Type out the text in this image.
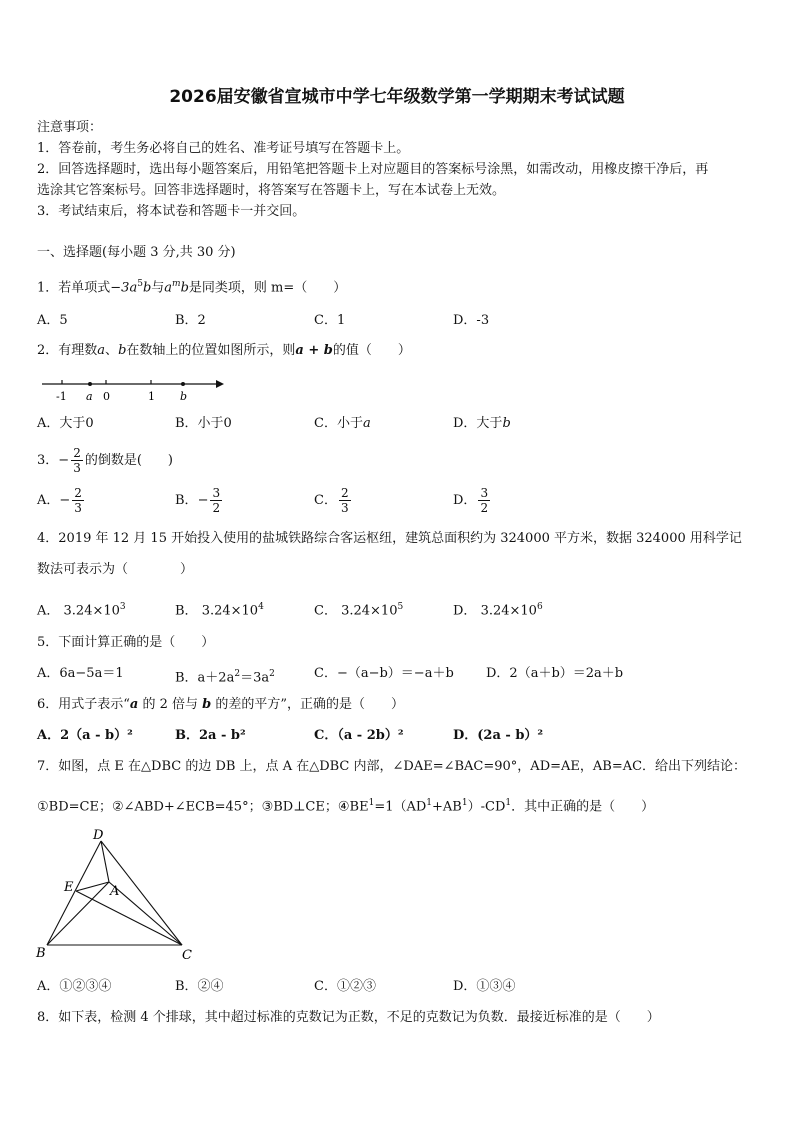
2026届安徽省宣城市中学七年级数学第一学期期末考试试题
注意事项：
1．答卷前，考生务必将自己的姓名、准考证号填写在答题卡上。
2．回答选择题时，选出每小题答案后，用铅笔把答题卡上对应题目的答案标号涂黑，如需改动，用橡皮擦干净后，再
选涂其它答案标号。回答非选择题时，将答案写在答题卡上，写在本试卷上无效。
3．考试结束后，将本试卷和答题卡一并交回。
一、选择题(每小题 3 分,共 30 分)
1．若单项式$-3a^5b$与$a^mb$是同类项，则 m=（　　）
A．5	B．2	C．1	D．-3
2．有理数a、b在数轴上的位置如图所示，则a + b的值（　　）
-1 a 0	1 b
A．大于0	B．小于0	C．小于a	D．大于b
3．− $\frac{2}{3}$ 的倒数是(　　)
A．− $\frac{2}{3}$	B．− $\frac{3}{2}$	C． $\frac{2}{3}$	D． $\frac{3}{2}$
4．2019 年 12 月 15 开始投入使用的盐城铁路综合客运枢纽，建筑总面积约为 324000 平方米，数据 324000 用科学记
数法可表示为（　　　　）
A． $3.24\times 10^3$	B． $3.24\times 10^4$	C． $3.24\times 10^5$	D． $3.24\times 10^6$
5．下面计算正确的是（　　）
A．6a−5a＝1	B．$a+2a^2=3a^2$	C．−（a−b）＝−a＋b D．2（a＋b）＝2a＋b
6．用式子表示“a 的 2 倍与 b 的差的平方”，正确的是（　　）
A．2（a - b）²	B．2a - b²	C．（a - 2b）²	D．(2a - b）²
7．如图，点 E 在△DBC 的边 DB 上，点 A 在△DBC 内部，∠DAE=∠BAC=90°，AD=AE，AB=AC．给出下列结论：
①BD=CE；②∠ABD+∠ECB=45°；③BD⊥CE；$④BE^1=1(AD^1+AB^1)-CD^1$．其中正确的是（　　）
D
E	A
B	C
A．①②③④	B．②④	C．①②③	D．①③④
8．如下表，检测 4 个排球，其中超过标准的克数记为正数，不足的克数记为负数．最接近标准的是（　　）
